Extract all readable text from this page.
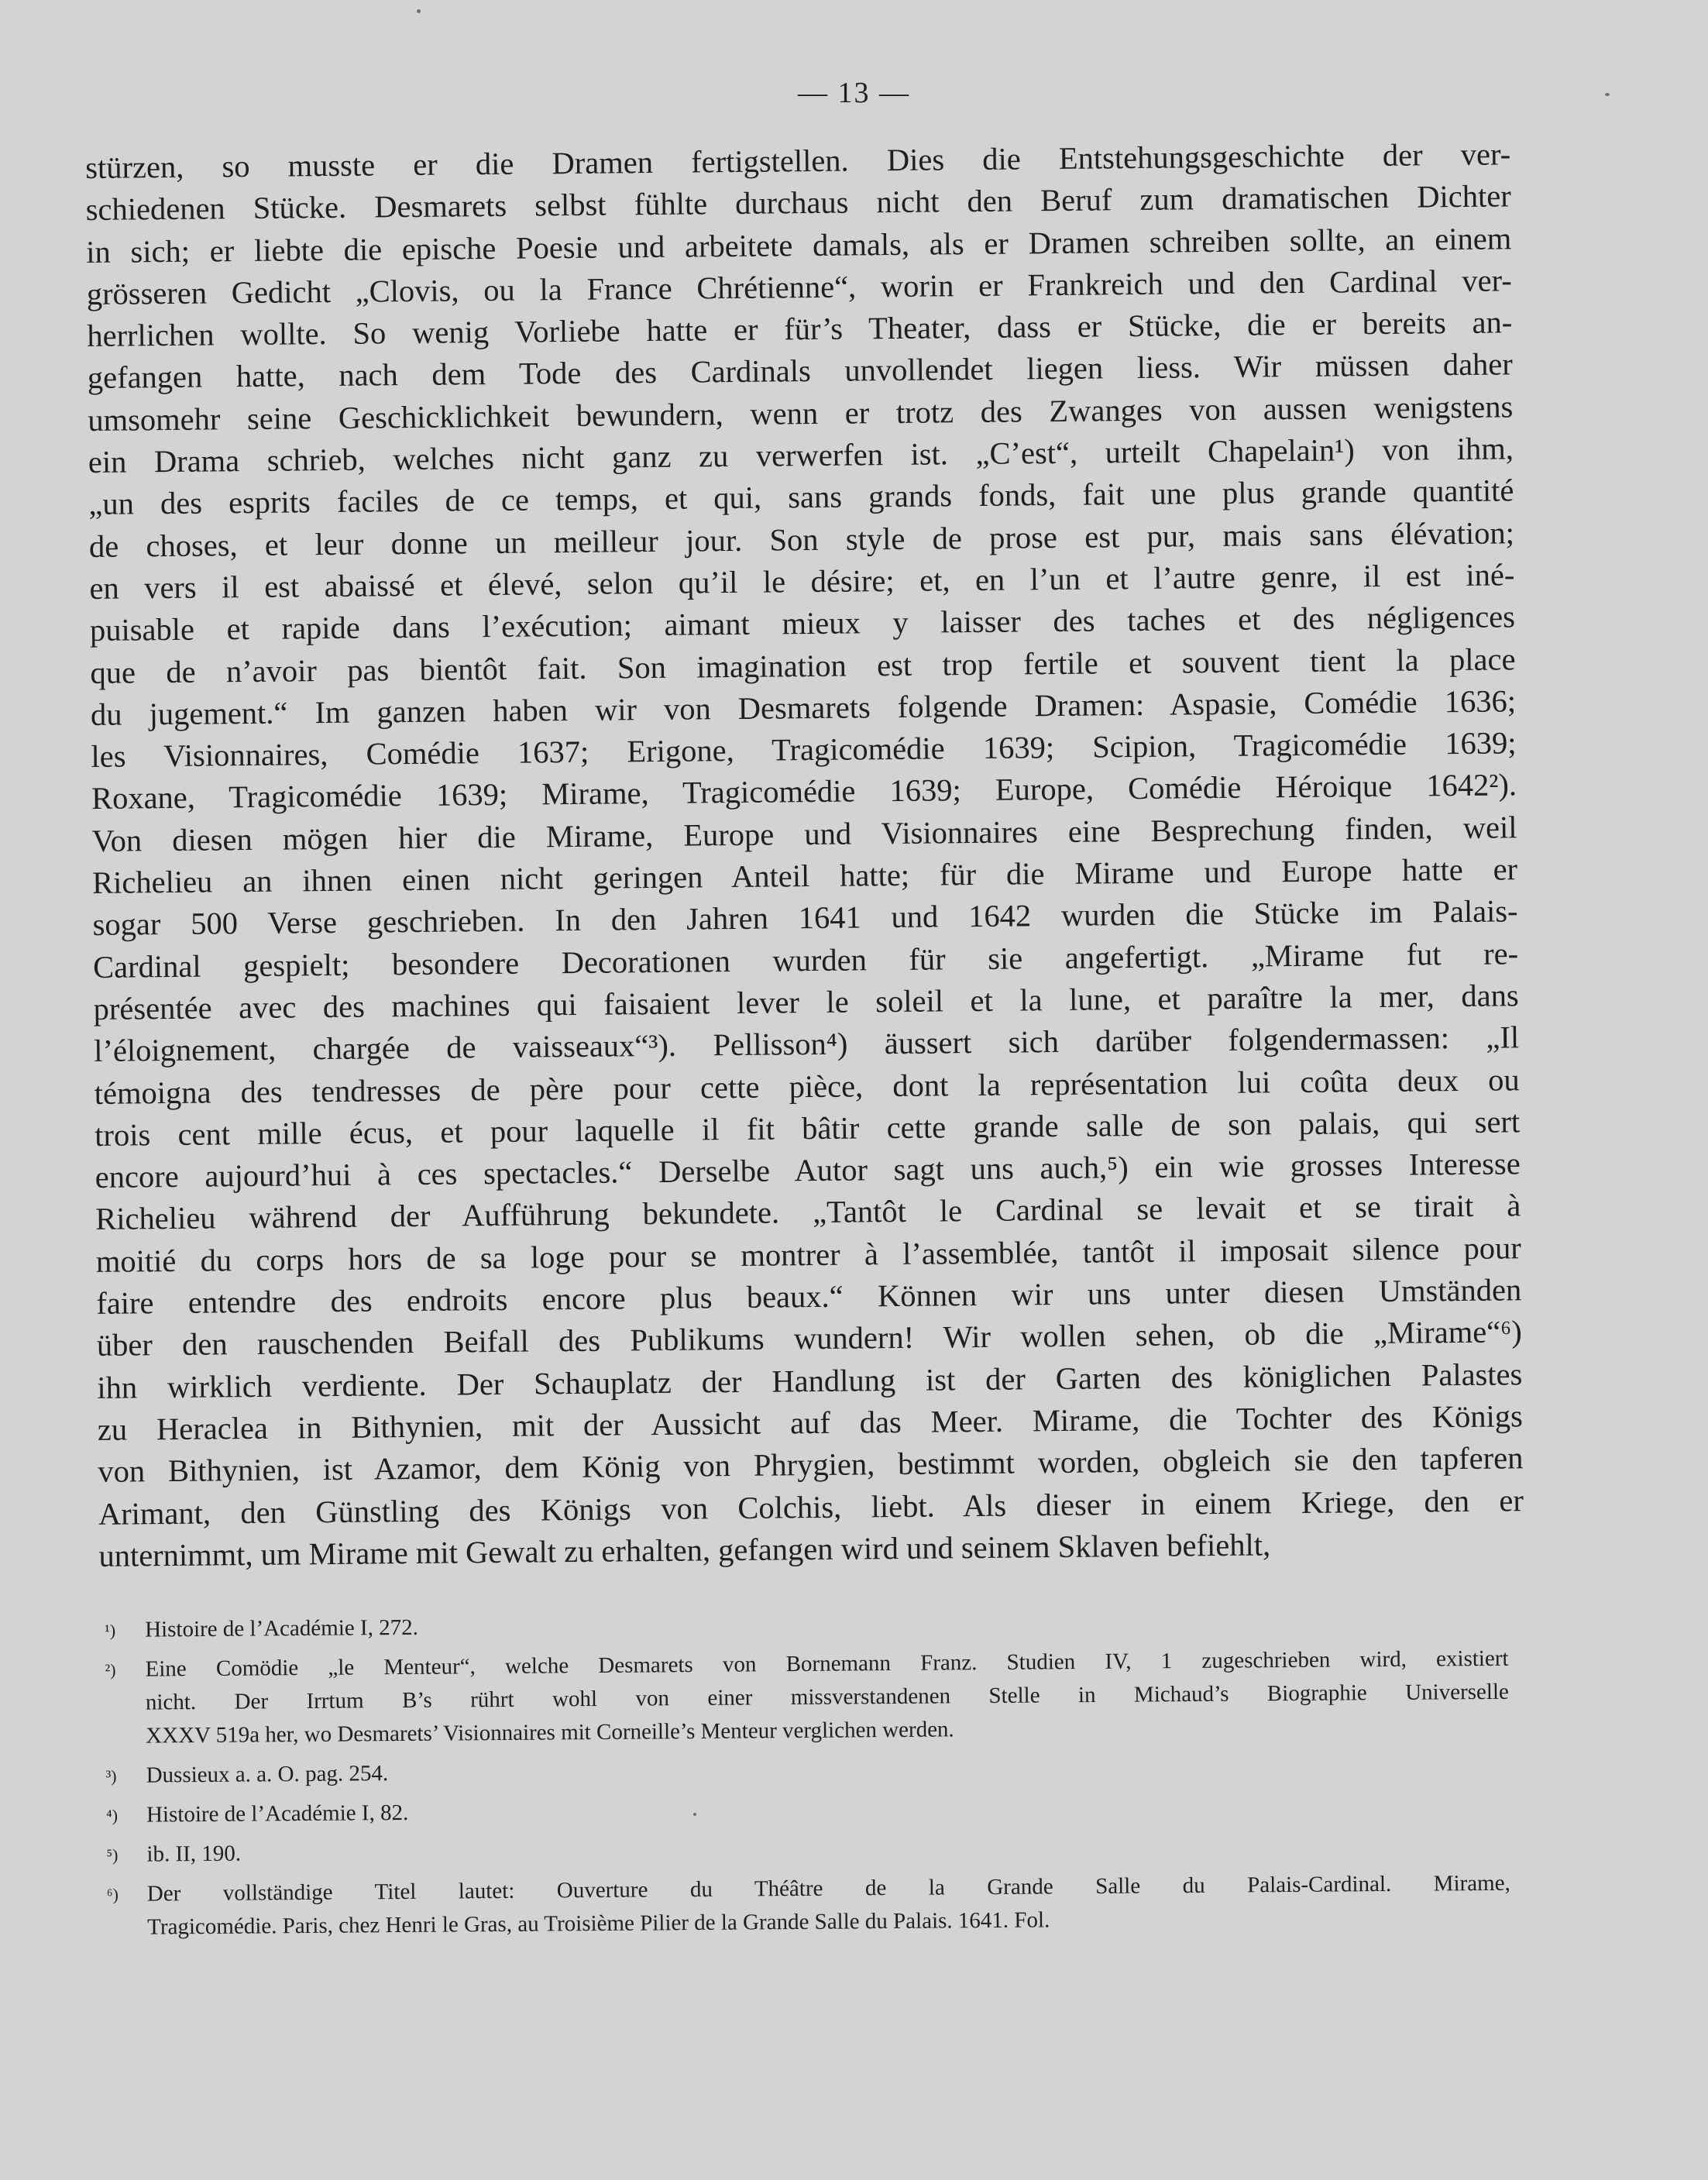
— 13 —
stürzen, so musste er die Dramen fertigstellen. Dies die Entstehungsgeschichte der ver-
schiedenen Stücke. Desmarets selbst fühlte durchaus nicht den Beruf zum dramatischen Dichter
in sich; er liebte die epische Poesie und arbeitete damals, als er Dramen schreiben sollte, an einem
grösseren Gedicht „Clovis, ou la France Chrétienne“, worin er Frankreich und den Cardinal ver-
herrlichen wollte. So wenig Vorliebe hatte er für’s Theater, dass er Stücke, die er bereits an-
gefangen hatte, nach dem Tode des Cardinals unvollendet liegen liess. Wir müssen daher
umsomehr seine Geschicklichkeit bewundern, wenn er trotz des Zwanges von aussen wenigstens
ein Drama schrieb, welches nicht ganz zu verwerfen ist. „C’est“, urteilt Chapelain¹) von ihm,
„un des esprits faciles de ce temps, et qui, sans grands fonds, fait une plus grande quantité
de choses, et leur donne un meilleur jour. Son style de prose est pur, mais sans élévation;
en vers il est abaissé et élevé, selon qu’il le désire; et, en l’un et l’autre genre, il est iné-
puisable et rapide dans l’exécution; aimant mieux y laisser des taches et des négligences
que de n’avoir pas bientôt fait. Son imagination est trop fertile et souvent tient la place
du jugement.“ Im ganzen haben wir von Desmarets folgende Dramen: Aspasie, Comédie 1636;
les Visionnaires, Comédie 1637; Erigone, Tragicomédie 1639; Scipion, Tragicomédie 1639;
Roxane, Tragicomédie 1639; Mirame, Tragicomédie 1639; Europe, Comédie Héroique 1642²).
Von diesen mögen hier die Mirame, Europe und Visionnaires eine Besprechung finden, weil
Richelieu an ihnen einen nicht geringen Anteil hatte; für die Mirame und Europe hatte er
sogar 500 Verse geschrieben. In den Jahren 1641 und 1642 wurden die Stücke im Palais-
Cardinal gespielt; besondere Decorationen wurden für sie angefertigt. „Mirame fut re-
présentée avec des machines qui faisaient lever le soleil et la lune, et paraître la mer, dans
l’éloignement, chargée de vaisseaux“³). Pellisson⁴) äussert sich darüber folgendermassen: „Il
témoigna des tendresses de père pour cette pièce, dont la représentation lui coûta deux ou
trois cent mille écus, et pour laquelle il fit bâtir cette grande salle de son palais, qui sert
encore aujourd’hui à ces spectacles.“ Derselbe Autor sagt uns auch,⁵) ein wie grosses Interesse
Richelieu während der Aufführung bekundete. „Tantôt le Cardinal se levait et se tirait à
moitié du corps hors de sa loge pour se montrer à l’assemblée, tantôt il imposait silence pour
faire entendre des endroits encore plus beaux.“ Können wir uns unter diesen Umständen
über den rauschenden Beifall des Publikums wundern! Wir wollen sehen, ob die „Mirame“⁶)
ihn wirklich verdiente. Der Schauplatz der Handlung ist der Garten des königlichen Palastes
zu Heraclea in Bithynien, mit der Aussicht auf das Meer. Mirame, die Tochter des Königs
von Bithynien, ist Azamor, dem König von Phrygien, bestimmt worden, obgleich sie den tapferen
Arimant, den Günstling des Königs von Colchis, liebt. Als dieser in einem Kriege, den er
unternimmt, um Mirame mit Gewalt zu erhalten, gefangen wird und seinem Sklaven befiehlt,
¹) Histoire de l’Académie I, 272.
²) Eine Comödie „le Menteur“, welche Desmarets von Bornemann Franz. Studien IV, 1 zugeschrieben wird, existiert
nicht. Der Irrtum B’s rührt wohl von einer missverstandenen Stelle in Michaud’s Biographie Universelle
XXXV 519a her, wo Desmarets’ Visionnaires mit Corneille’s Menteur verglichen werden.
³) Dussieux a. a. O. pag. 254.
⁴) Histoire de l’Académie I, 82.
⁵) ib. II, 190.
⁶) Der vollständige Titel lautet: Ouverture du Théâtre de la Grande Salle du Palais-Cardinal. Mirame,
Tragicomédie. Paris, chez Henri le Gras, au Troisième Pilier de la Grande Salle du Palais. 1641. Fol.
